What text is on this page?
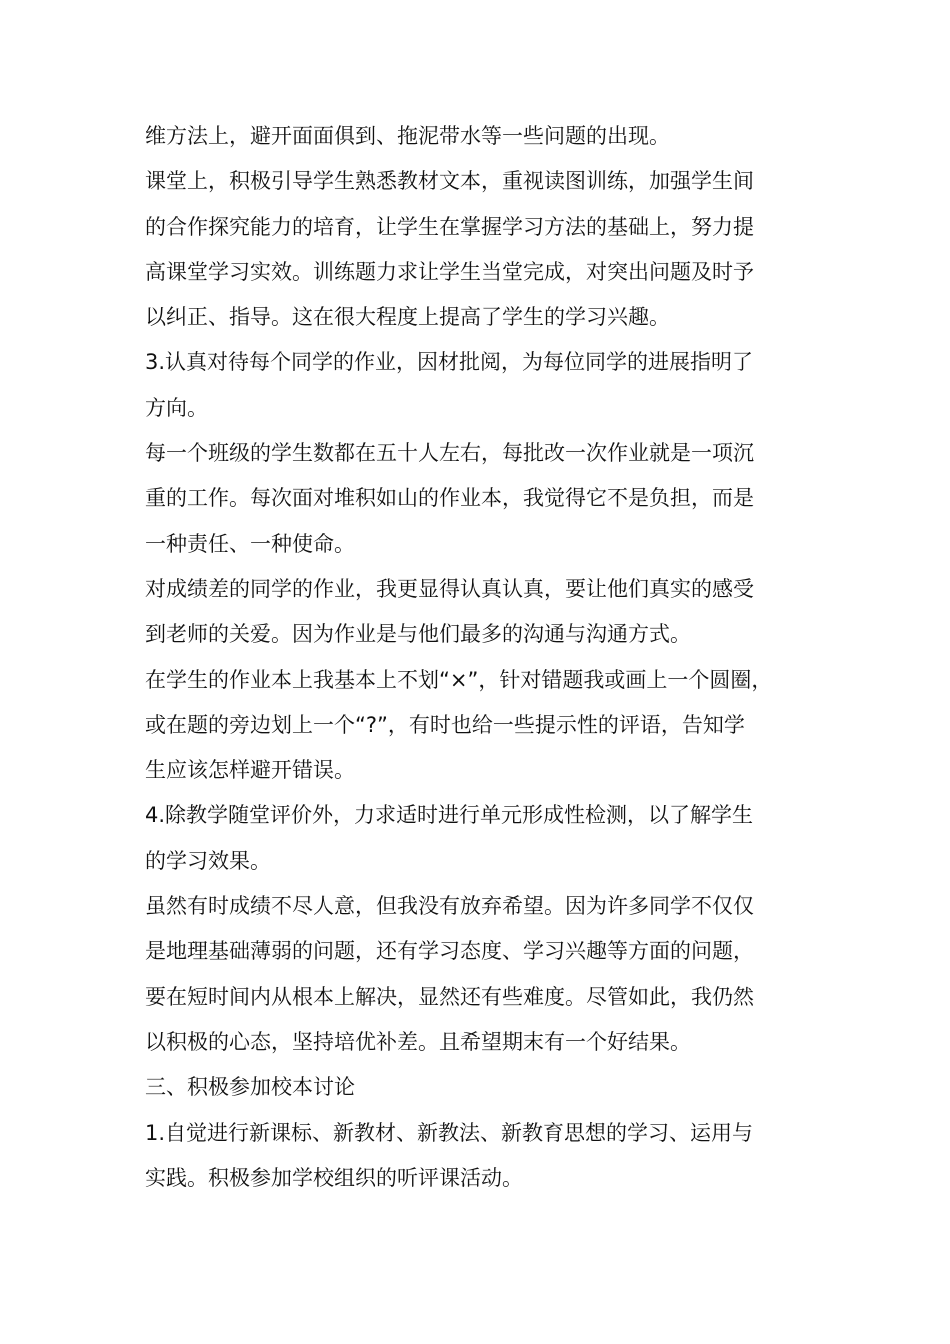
维方法上，避开面面俱到、拖泥带水等一些问题的出现。
课堂上，积极引导学生熟悉教材文本，重视读图训练，加强学生间
的合作探究能力的培育，让学生在掌握学习方法的基础上，努力提
高课堂学习实效。训练题力求让学生当堂完成，对突出问题及时予
以纠正、指导。这在很大程度上提高了学生的学习兴趣。
3.认真对待每个同学的作业，因材批阅，为每位同学的进展指明了
方向。
每一个班级的学生数都在五十人左右，每批改一次作业就是一项沉
重的工作。每次面对堆积如山的作业本，我觉得它不是负担，而是
一种责任、一种使命。
对成绩差的同学的作业，我更显得认真认真，要让他们真实的感受
到老师的关爱。因为作业是与他们最多的沟通与沟通方式。
在学生的作业本上我基本上不划“×”，针对错题我或画上一个圆圈，
或在题的旁边划上一个“?”，有时也给一些提示性的评语，告知学
生应该怎样避开错误。
4.除教学随堂评价外，力求适时进行单元形成性检测，以了解学生
的学习效果。
虽然有时成绩不尽人意，但我没有放弃希望。因为许多同学不仅仅
是地理基础薄弱的问题，还有学习态度、学习兴趣等方面的问题，
要在短时间内从根本上解决，显然还有些难度。尽管如此，我仍然
以积极的心态，坚持培优补差。且希望期末有一个好结果。
三、积极参加校本讨论
1.自觉进行新课标、新教材、新教法、新教育思想的学习、运用与
实践。积极参加学校组织的听评课活动。
